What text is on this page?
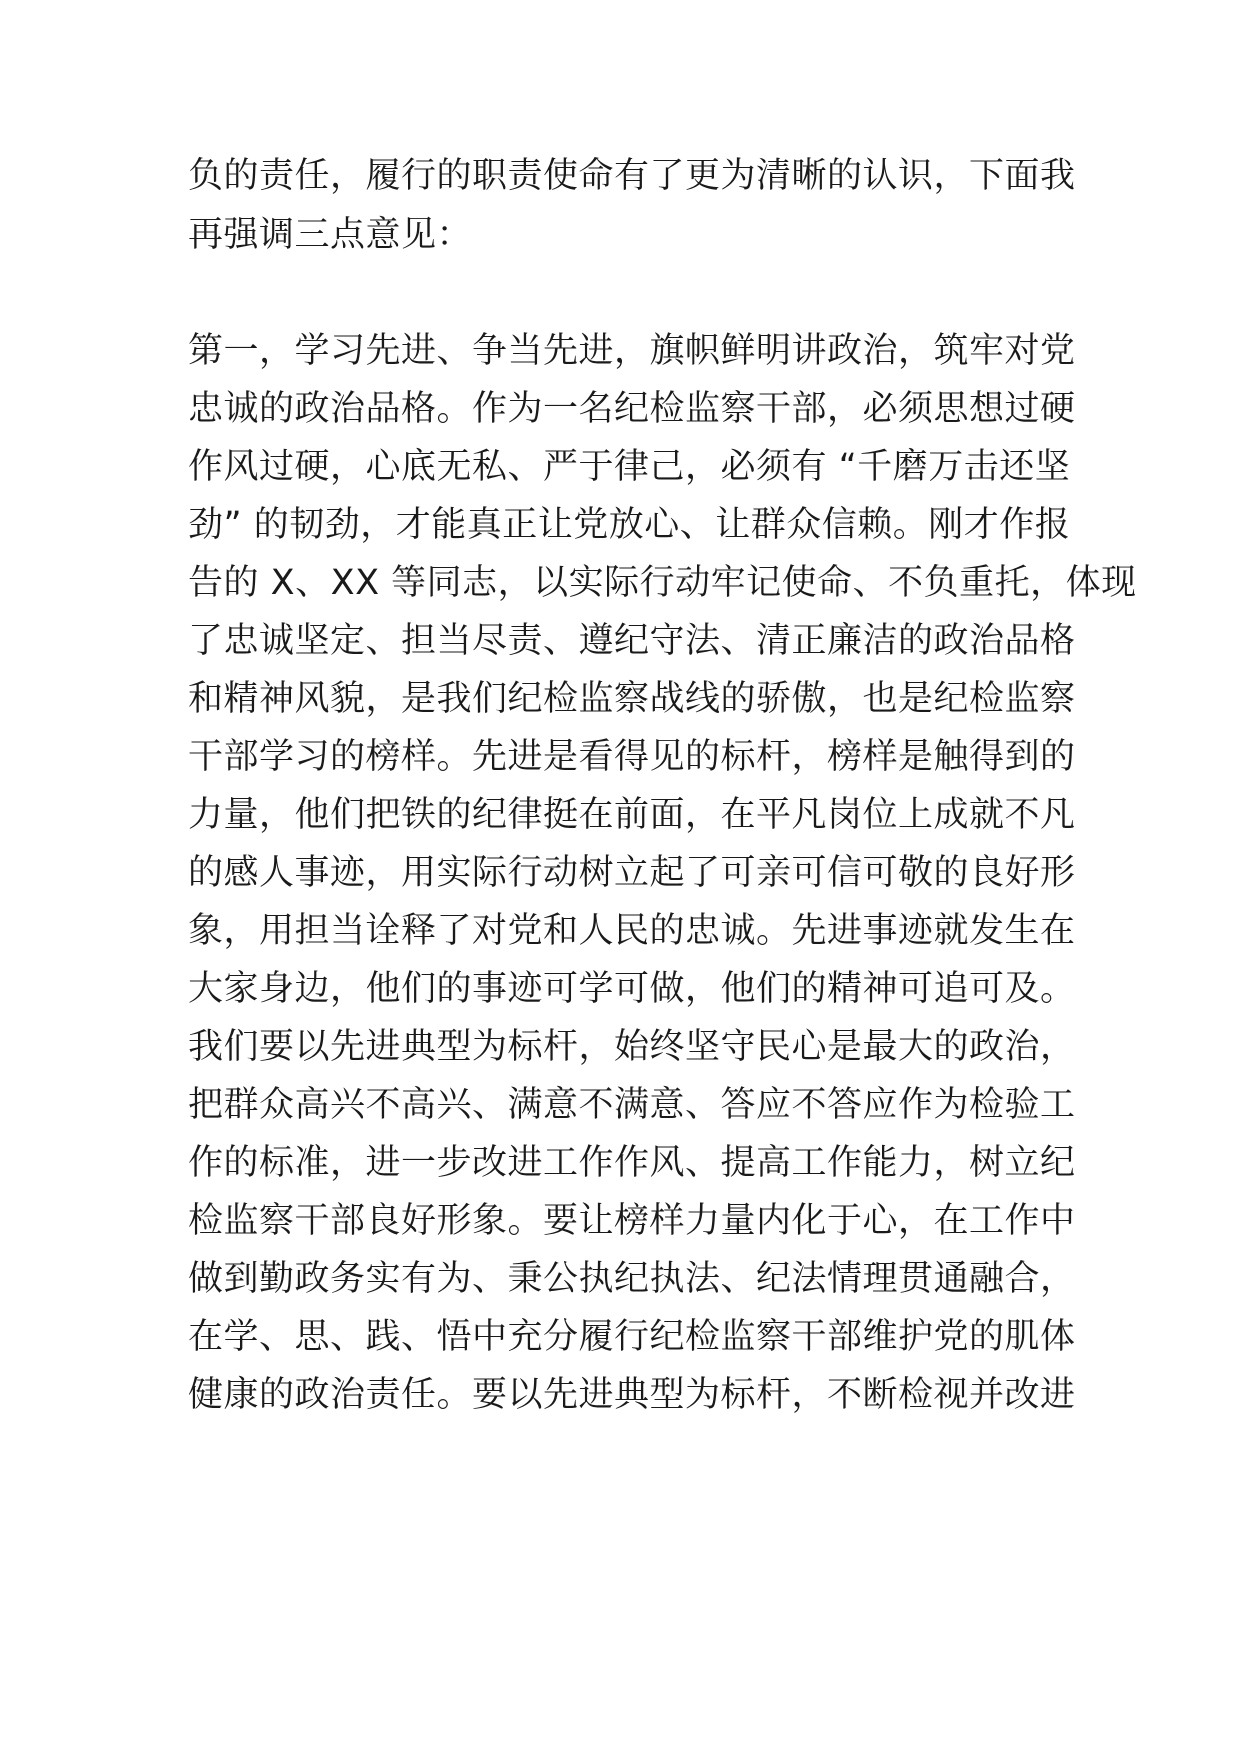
负的责任，履行的职责使命有了更为清晰的认识，下面我
再强调三点意见：
第一，学习先进、争当先进，旗帜鲜明讲政治，筑牢对党
忠诚的政治品格。作为一名纪检监察干部，必须思想过硬
作风过硬，心底无私、严于律己，必须有 “千磨万击还坚
劲” 的韧劲，才能真正让党放心、让群众信赖。刚才作报
告的 X、XX 等同志，以实际行动牢记使命、不负重托，体现
了忠诚坚定、担当尽责、遵纪守法、清正廉洁的政治品格
和精神风貌，是我们纪检监察战线的骄傲，也是纪检监察
干部学习的榜样。先进是看得见的标杆，榜样是触得到的
力量，他们把铁的纪律挺在前面，在平凡岗位上成就不凡
的感人事迹，用实际行动树立起了可亲可信可敬的良好形
象，用担当诠释了对党和人民的忠诚。先进事迹就发生在
大家身边，他们的事迹可学可做，他们的精神可追可及。
我们要以先进典型为标杆，始终坚守民心是最大的政治，
把群众高兴不高兴、满意不满意、答应不答应作为检验工
作的标准，进一步改进工作作风、提高工作能力，树立纪
检监察干部良好形象。要让榜样力量内化于心，在工作中
做到勤政务实有为、秉公执纪执法、纪法情理贯通融合，
在学、思、践、悟中充分履行纪检监察干部维护党的肌体
健康的政治责任。要以先进典型为标杆，不断检视并改进
